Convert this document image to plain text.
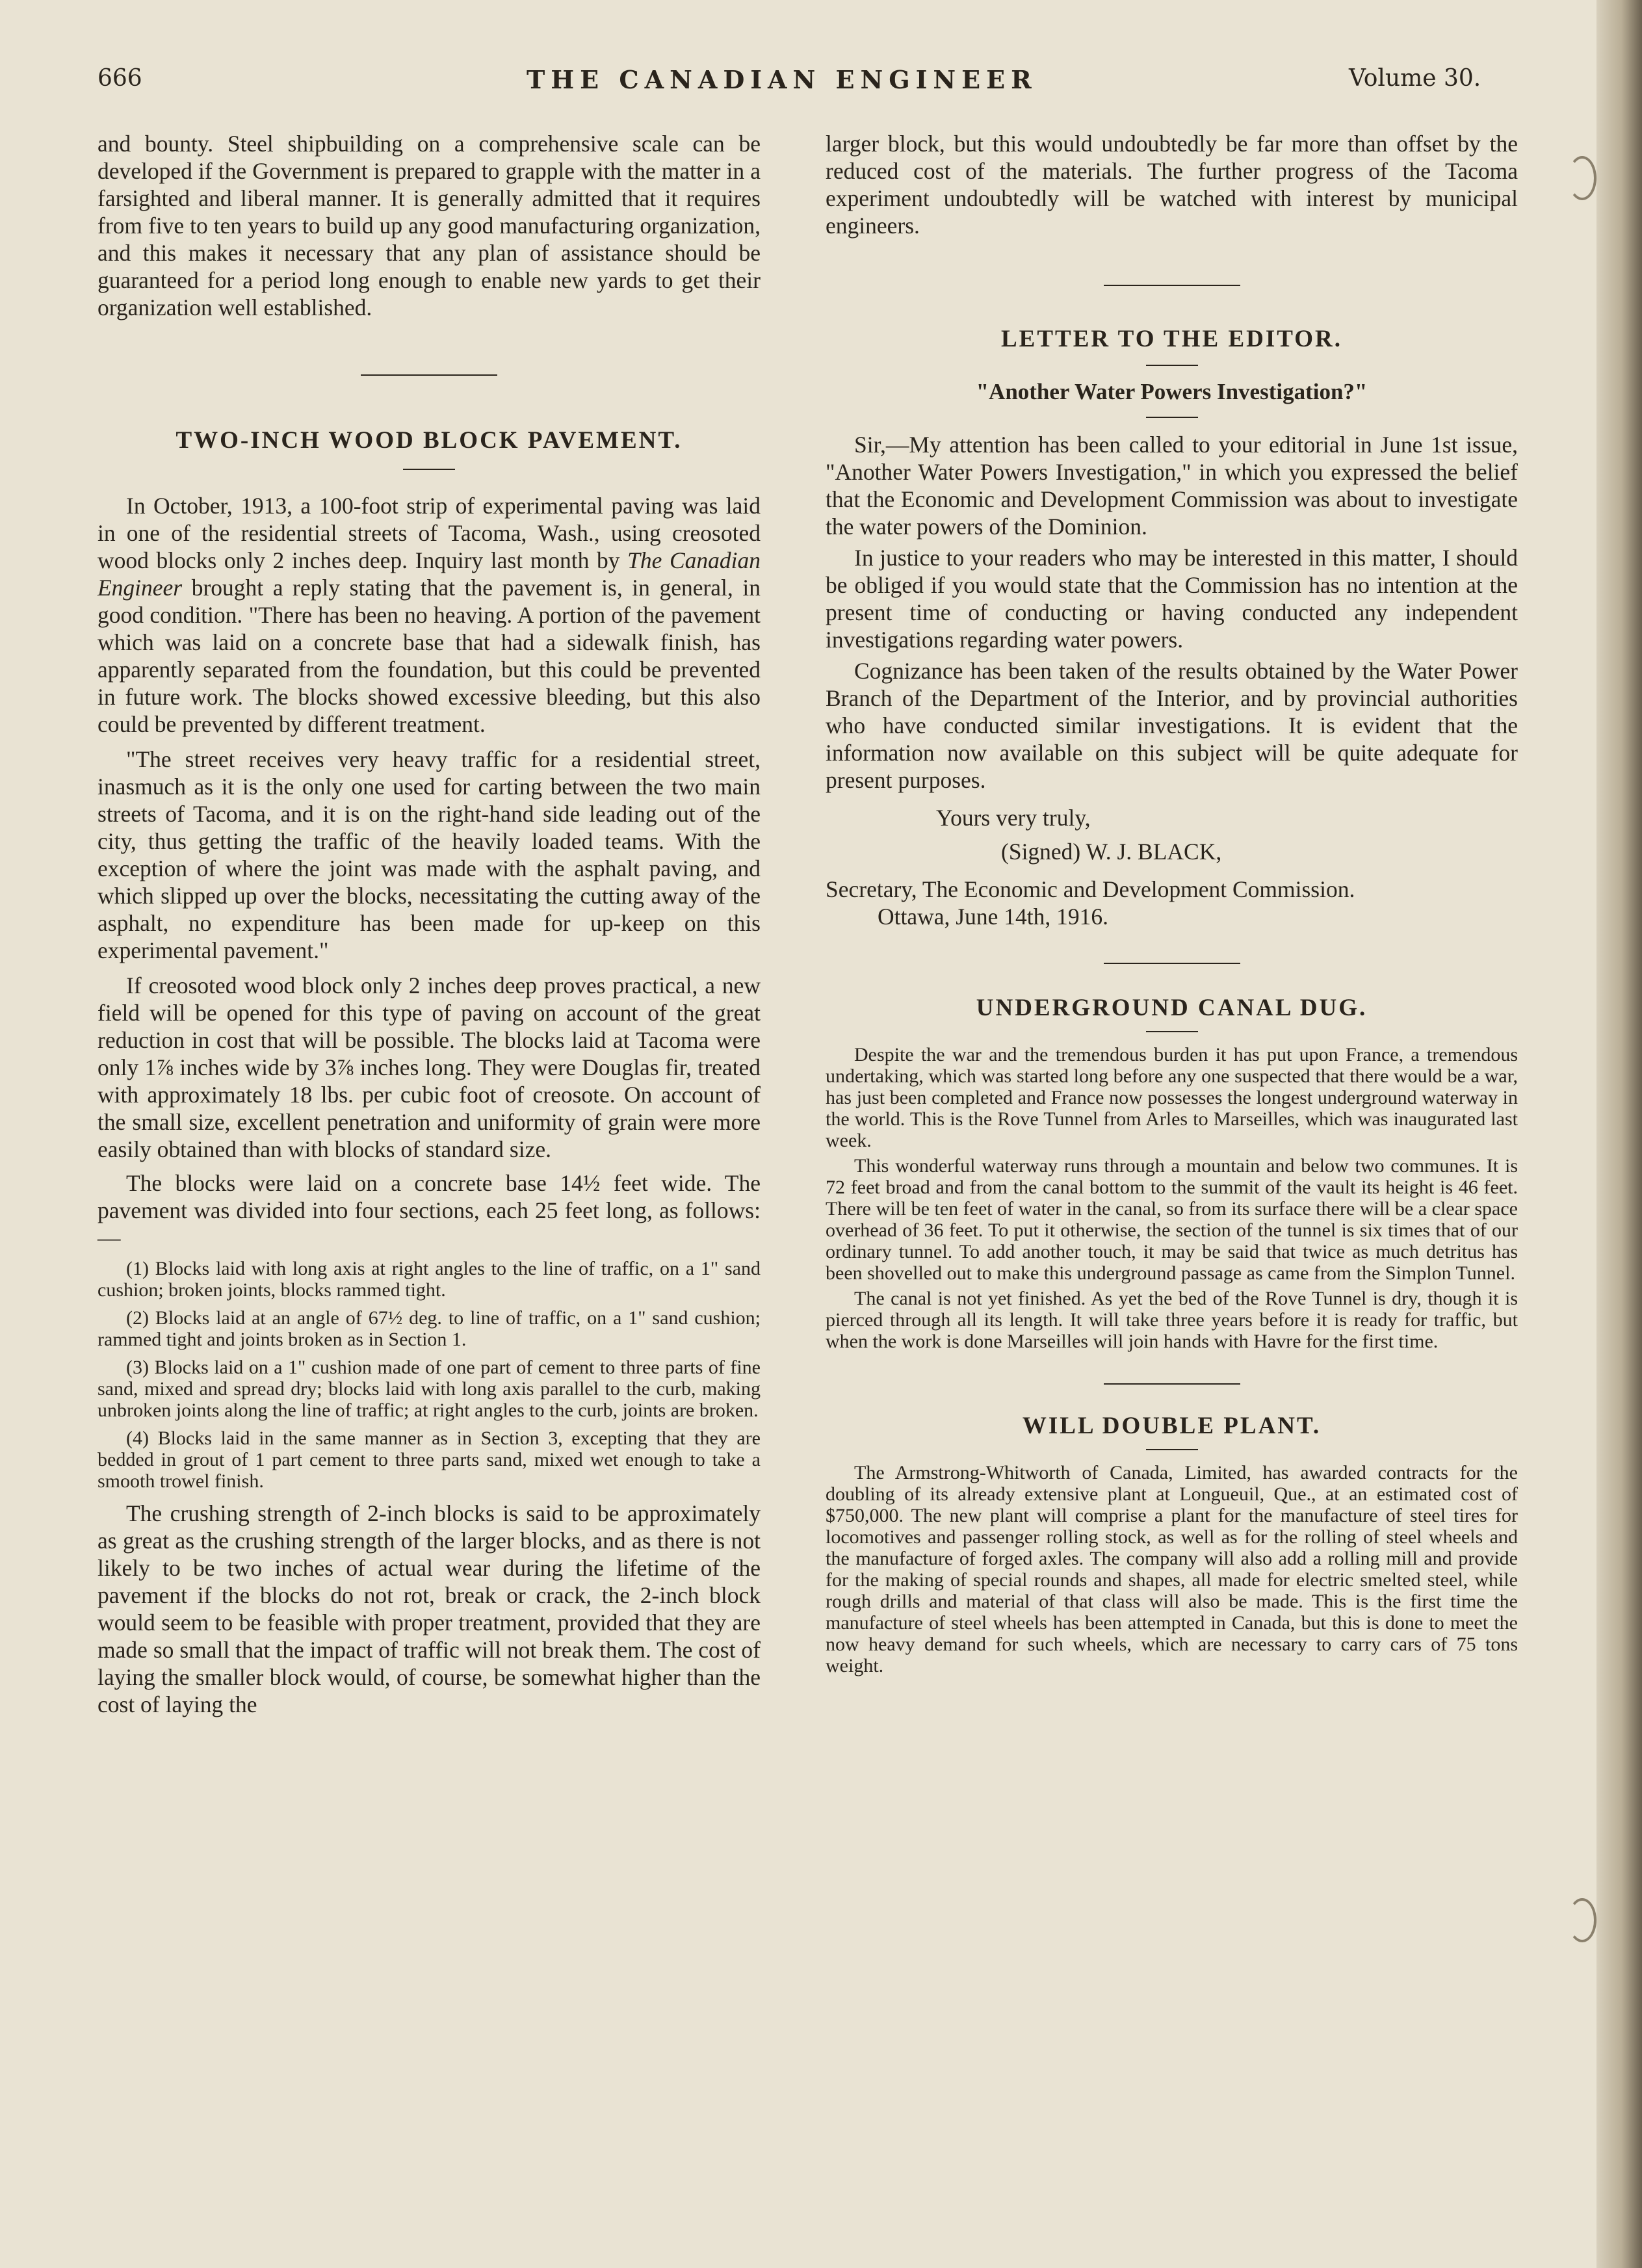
666	THE CANADIAN ENGINEER	Volume 30.

and bounty. Steel shipbuilding on a comprehensive scale can be developed if the Government is prepared to grapple with the matter in a farsighted and liberal manner. It is generally admitted that it requires from five to ten years to build up any good manufacturing organization, and this makes it necessary that any plan of assistance should be guaranteed for a period long enough to enable new yards to get their organization well established.

TWO-INCH WOOD BLOCK PAVEMENT.

In October, 1913, a 100-foot strip of experimental paving was laid in one of the residential streets of Tacoma, Wash., using creosoted wood blocks only 2 inches deep. Inquiry last month by The Canadian Engineer brought a reply stating that the pavement is, in general, in good condition. "There has been no heaving. A portion of the pavement which was laid on a concrete base that had a sidewalk finish, has apparently separated from the foundation, but this could be prevented in future work. The blocks showed excessive bleeding, but this also could be prevented by different treatment.

"The street receives very heavy traffic for a residential street, inasmuch as it is the only one used for carting between the two main streets of Tacoma, and it is on the right-hand side leading out of the city, thus getting the traffic of the heavily loaded teams. With the exception of where the joint was made with the asphalt paving, and which slipped up over the blocks, necessitating the cutting away of the asphalt, no expenditure has been made for up-keep on this experimental pavement."

If creosoted wood block only 2 inches deep proves practical, a new field will be opened for this type of paving on account of the great reduction in cost that will be possible. The blocks laid at Tacoma were only 1⅞ inches wide by 3⅞ inches long. They were Douglas fir, treated with approximately 18 lbs. per cubic foot of creosote. On account of the small size, excellent penetration and uniformity of grain were more easily obtained than with blocks of standard size.

The blocks were laid on a concrete base 14½ feet wide. The pavement was divided into four sections, each 25 feet long, as follows:—

(1) Blocks laid with long axis at right angles to the line of traffic, on a 1" sand cushion; broken joints, blocks rammed tight.

(2) Blocks laid at an angle of 67½ deg. to line of traffic, on a 1" sand cushion; rammed tight and joints broken as in Section 1.

(3) Blocks laid on a 1" cushion made of one part of cement to three parts of fine sand, mixed and spread dry; blocks laid with long axis parallel to the curb, making unbroken joints along the line of traffic; at right angles to the curb, joints are broken.

(4) Blocks laid in the same manner as in Section 3, excepting that they are bedded in grout of 1 part cement to three parts sand, mixed wet enough to take a smooth trowel finish.

The crushing strength of 2-inch blocks is said to be approximately as great as the crushing strength of the larger blocks, and as there is not likely to be two inches of actual wear during the lifetime of the pavement if the blocks do not rot, break or crack, the 2-inch block would seem to be feasible with proper treatment, provided that they are made so small that the impact of traffic will not break them. The cost of laying the smaller block would, of course, be somewhat higher than the cost of laying the

larger block, but this would undoubtedly be far more than offset by the reduced cost of the materials. The further progress of the Tacoma experiment undoubtedly will be watched with interest by municipal engineers.

LETTER TO THE EDITOR.
"Another Water Powers Investigation?"

Sir,—My attention has been called to your editorial in June 1st issue, "Another Water Powers Investigation," in which you expressed the belief that the Economic and Development Commission was about to investigate the water powers of the Dominion.

In justice to your readers who may be interested in this matter, I should be obliged if you would state that the Commission has no intention at the present time of conducting or having conducted any independent investigations regarding water powers.

Cognizance has been taken of the results obtained by the Water Power Branch of the Department of the Interior, and by provincial authorities who have conducted similar investigations. It is evident that the information now available on this subject will be quite adequate for present purposes.

Yours very truly,
(Signed) W. J. BLACK,
Secretary, The Economic and Development Commission.
Ottawa, June 14th, 1916.
UNDERGROUND CANAL DUG.

Despite the war and the tremendous burden it has put upon France, a tremendous undertaking, which was started long before any one suspected that there would be a war, has just been completed and France now possesses the longest underground waterway in the world. This is the Rove Tunnel from Arles to Marseilles, which was inaugurated last week.

This wonderful waterway runs through a mountain and below two communes. It is 72 feet broad and from the canal bottom to the summit of the vault its height is 46 feet. There will be ten feet of water in the canal, so from its surface there will be a clear space overhead of 36 feet. To put it otherwise, the section of the tunnel is six times that of our ordinary tunnel. To add another touch, it may be said that twice as much detritus has been shovelled out to make this underground passage as came from the Simplon Tunnel.

The canal is not yet finished. As yet the bed of the Rove Tunnel is dry, though it is pierced through all its length. It will take three years before it is ready for traffic, but when the work is done Marseilles will join hands with Havre for the first time.

WILL DOUBLE PLANT.

The Armstrong-Whitworth of Canada, Limited, has awarded contracts for the doubling of its already extensive plant at Longueuil, Que., at an estimated cost of $750,000. The new plant will comprise a plant for the manufacture of steel tires for locomotives and passenger rolling stock, as well as for the rolling of steel wheels and the manufacture of forged axles. The company will also add a rolling mill and provide for the making of special rounds and shapes, all made for electric smelted steel, while rough drills and material of that class will also be made. This is the first time the manufacture of steel wheels has been attempted in Canada, but this is done to meet the now heavy demand for such wheels, which are necessary to carry cars of 75 tons weight.
